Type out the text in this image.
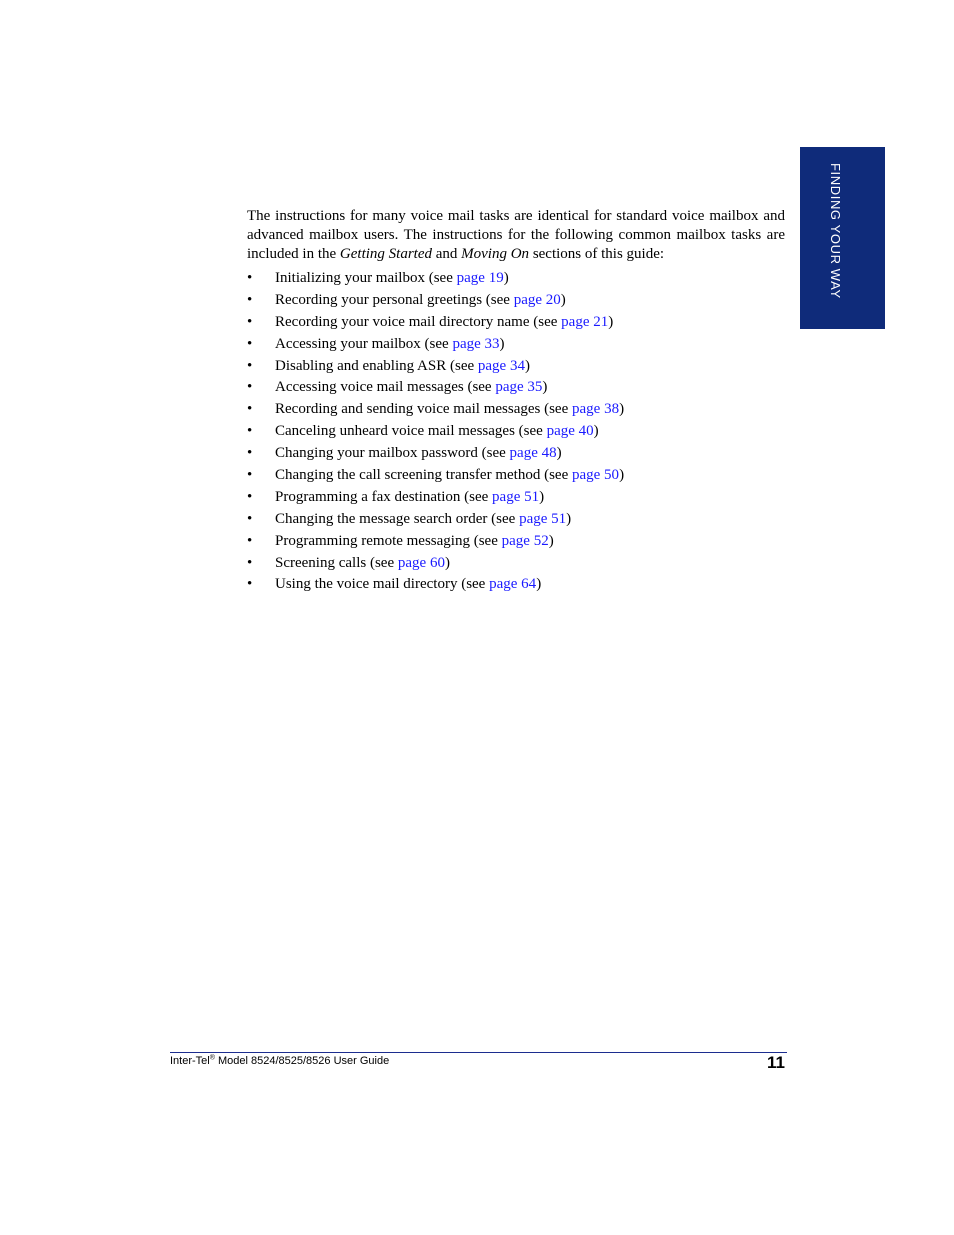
FINDING YOUR WAY

The instructions for many voice mail tasks are identical for standard voice mailbox and advanced mailbox users. The instructions for the following common mailbox tasks are included in the Getting Started and Moving On sections of this guide:

• Initializing your mailbox (see page 19)
• Recording your personal greetings (see page 20)
• Recording your voice mail directory name (see page 21)
• Accessing your mailbox (see page 33)
• Disabling and enabling ASR (see page 34)
• Accessing voice mail messages (see page 35)
• Recording and sending voice mail messages (see page 38)
• Canceling unheard voice mail messages (see page 40)
• Changing your mailbox password (see page 48)
• Changing the call screening transfer method (see page 50)
• Programming a fax destination (see page 51)
• Changing the message search order (see page 51)
• Programming remote messaging (see page 52)
• Screening calls (see page 60)
• Using the voice mail directory (see page 64)
Inter-Tel® Model 8524/8525/8526 User Guide	11
